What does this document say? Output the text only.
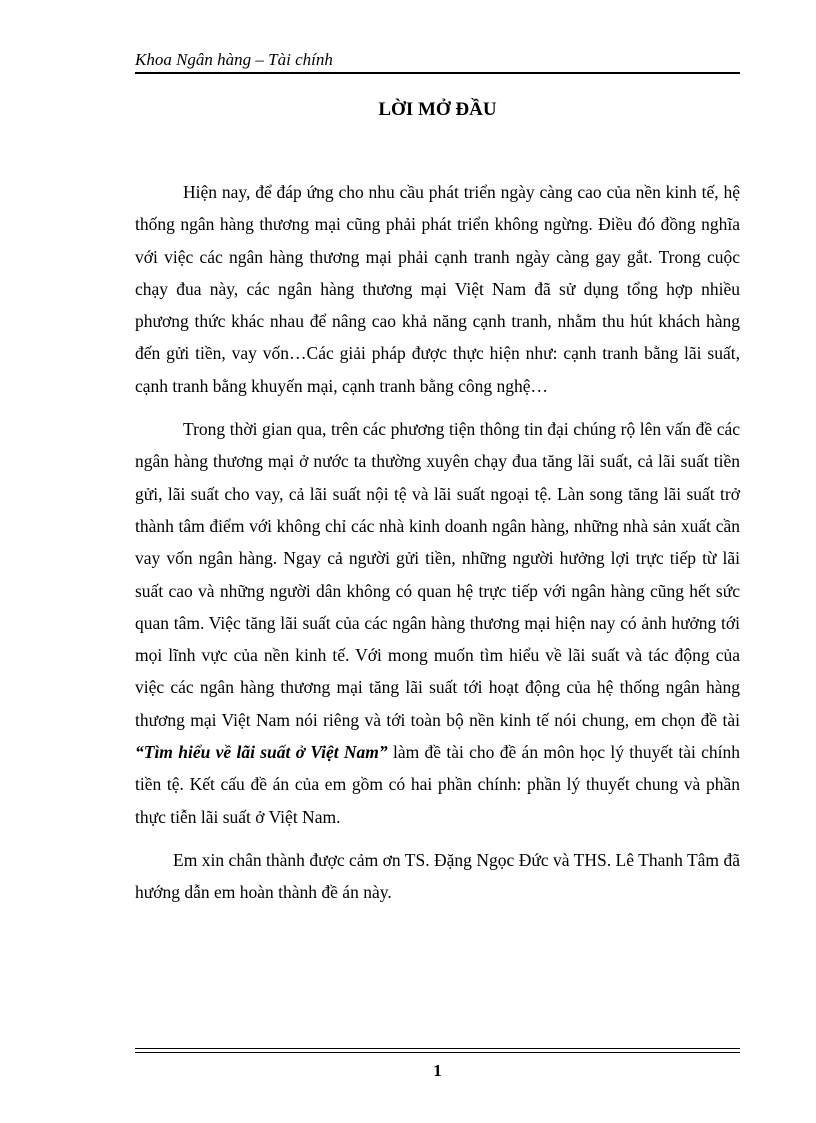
Khoa Ngân hàng – Tài chính
LỜI MỞ ĐẦU

Hiện nay, để đáp ứng cho nhu cầu phát triển ngày càng cao của nền kinh tế, hệ thống ngân hàng thương mại cũng phải phát triển không ngừng. Điều đó đồng nghĩa với việc các ngân hàng thương mại phải cạnh tranh ngày càng gay gắt. Trong cuộc chạy đua này, các ngân hàng thương mại Việt Nam đã sử dụng tổng hợp nhiều phương thức khác nhau để nâng cao khả năng cạnh tranh, nhằm thu hút khách hàng đến gửi tiền, vay vốn…Các giải pháp được thực hiện như: cạnh tranh bằng lãi suất, cạnh tranh bằng khuyến mại, cạnh tranh bằng công nghệ…

Trong thời gian qua, trên các phương tiện thông tin đại chúng rộ lên vấn đề các ngân hàng thương mại ở nước ta thường xuyên chạy đua tăng lãi suất, cả lãi suất tiền gửi, lãi suất cho vay, cả lãi suất nội tệ và lãi suất ngoại tệ. Làn song tăng lãi suất trở thành tâm điểm với không chỉ các nhà kinh doanh ngân hàng, những nhà sản xuất cần vay vốn ngân hàng. Ngay cả người gửi tiền, những người hưởng lợi trực tiếp từ lãi suất cao và những người dân không có quan hệ trực tiếp với ngân hàng cũng hết sức quan tâm. Việc tăng lãi suất của các ngân hàng thương mại hiện nay có ảnh hưởng tới mọi lĩnh vực của nền kinh tế. Với mong muốn tìm hiểu về lãi suất và tác động của việc các ngân hàng thương mại tăng lãi suất tới hoạt động của hệ thống ngân hàng thương mại Việt Nam nói riêng và tới toàn bộ nền kinh tế nói chung, em chọn đề tài “Tìm hiểu về lãi suất ở Việt Nam” làm đề tài cho đề án môn học lý thuyết tài chính tiền tệ. Kết cấu đề án của em gồm có hai phần chính: phần lý thuyết chung và phần thực tiễn lãi suất ở Việt Nam.

Em xin chân thành được cảm ơn TS. Đặng Ngọc Đức và THS. Lê Thanh Tâm đã hướng dẫn em hoàn thành đề án này.

1
